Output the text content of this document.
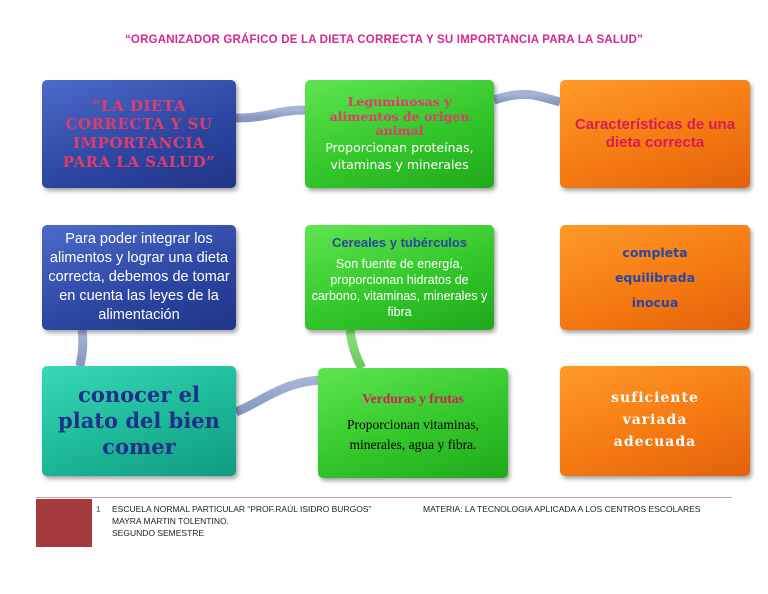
“ORGANIZADOR GRÁFICO DE LA DIETA CORRECTA Y SU IMPORTANCIA PARA LA SALUD”
“LA DIETA CORRECTA Y SU IMPORTANCIA PARA LA SALUD”
Leguminosas y alimentos de origen animal
Proporcionan proteínas, vitaminas y minerales
Características de una dieta correcta
Para poder integrar los alimentos y lograr una dieta correcta, debemos de tomar en cuenta las leyes de la alimentación
Cereales y tubérculos
Son fuente de energía, proporcionan hidratos de carbono, vitaminas, minerales y fibra
completa
equilibrada
inocua
conocer el plato del bien comer
Verduras y frutas
Proporcionan vitaminas, minerales, agua y fibra.
suficiente
variada
adecuada
1 ESCUELA NORMAL PARTICULAR “PROF.RAÚL ISIDRO BURGOS”
MAYRA MARTIN TOLENTINO.
SEGUNDO SEMESTRE
MATERIA: LA TECNOLOGIA APLICADA A LOS CENTROS ESCOLARES
